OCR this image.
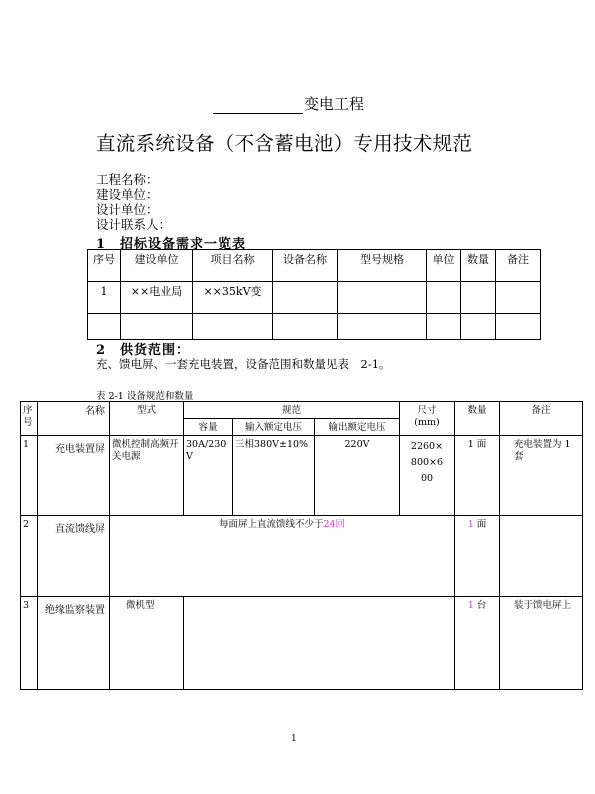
变电工程
直流系统设备（不含蓄电池）专用技术规范
工程名称：
建设单位：
设计单位：
设计联系人：
1 招标设备需求一览表
序号	建设单位	项目名称	设备名称	型号规格	单位	数量	备注
1	××电业局	××35kV变					

2 供货范围：
充、馈电屏、一套充电装置，设备范围和数量见表　2-1。
表 2-1 设备规范和数量
序号	名称	型式	规范			尺寸(mm)	数量	备注
			容量	输入额定电压	输出额定电压			
1	充电装置屏	微机控制高频开关电源	30A/230V	三相380V±10%	220V	2260×800×600	1 面	充电装置为 1 套
2	直流馈线屏	每面屏上直流馈线不少于24回					1 面	
3	绝缘监察装置	微机型					1 台	装于馈电屏上
1
